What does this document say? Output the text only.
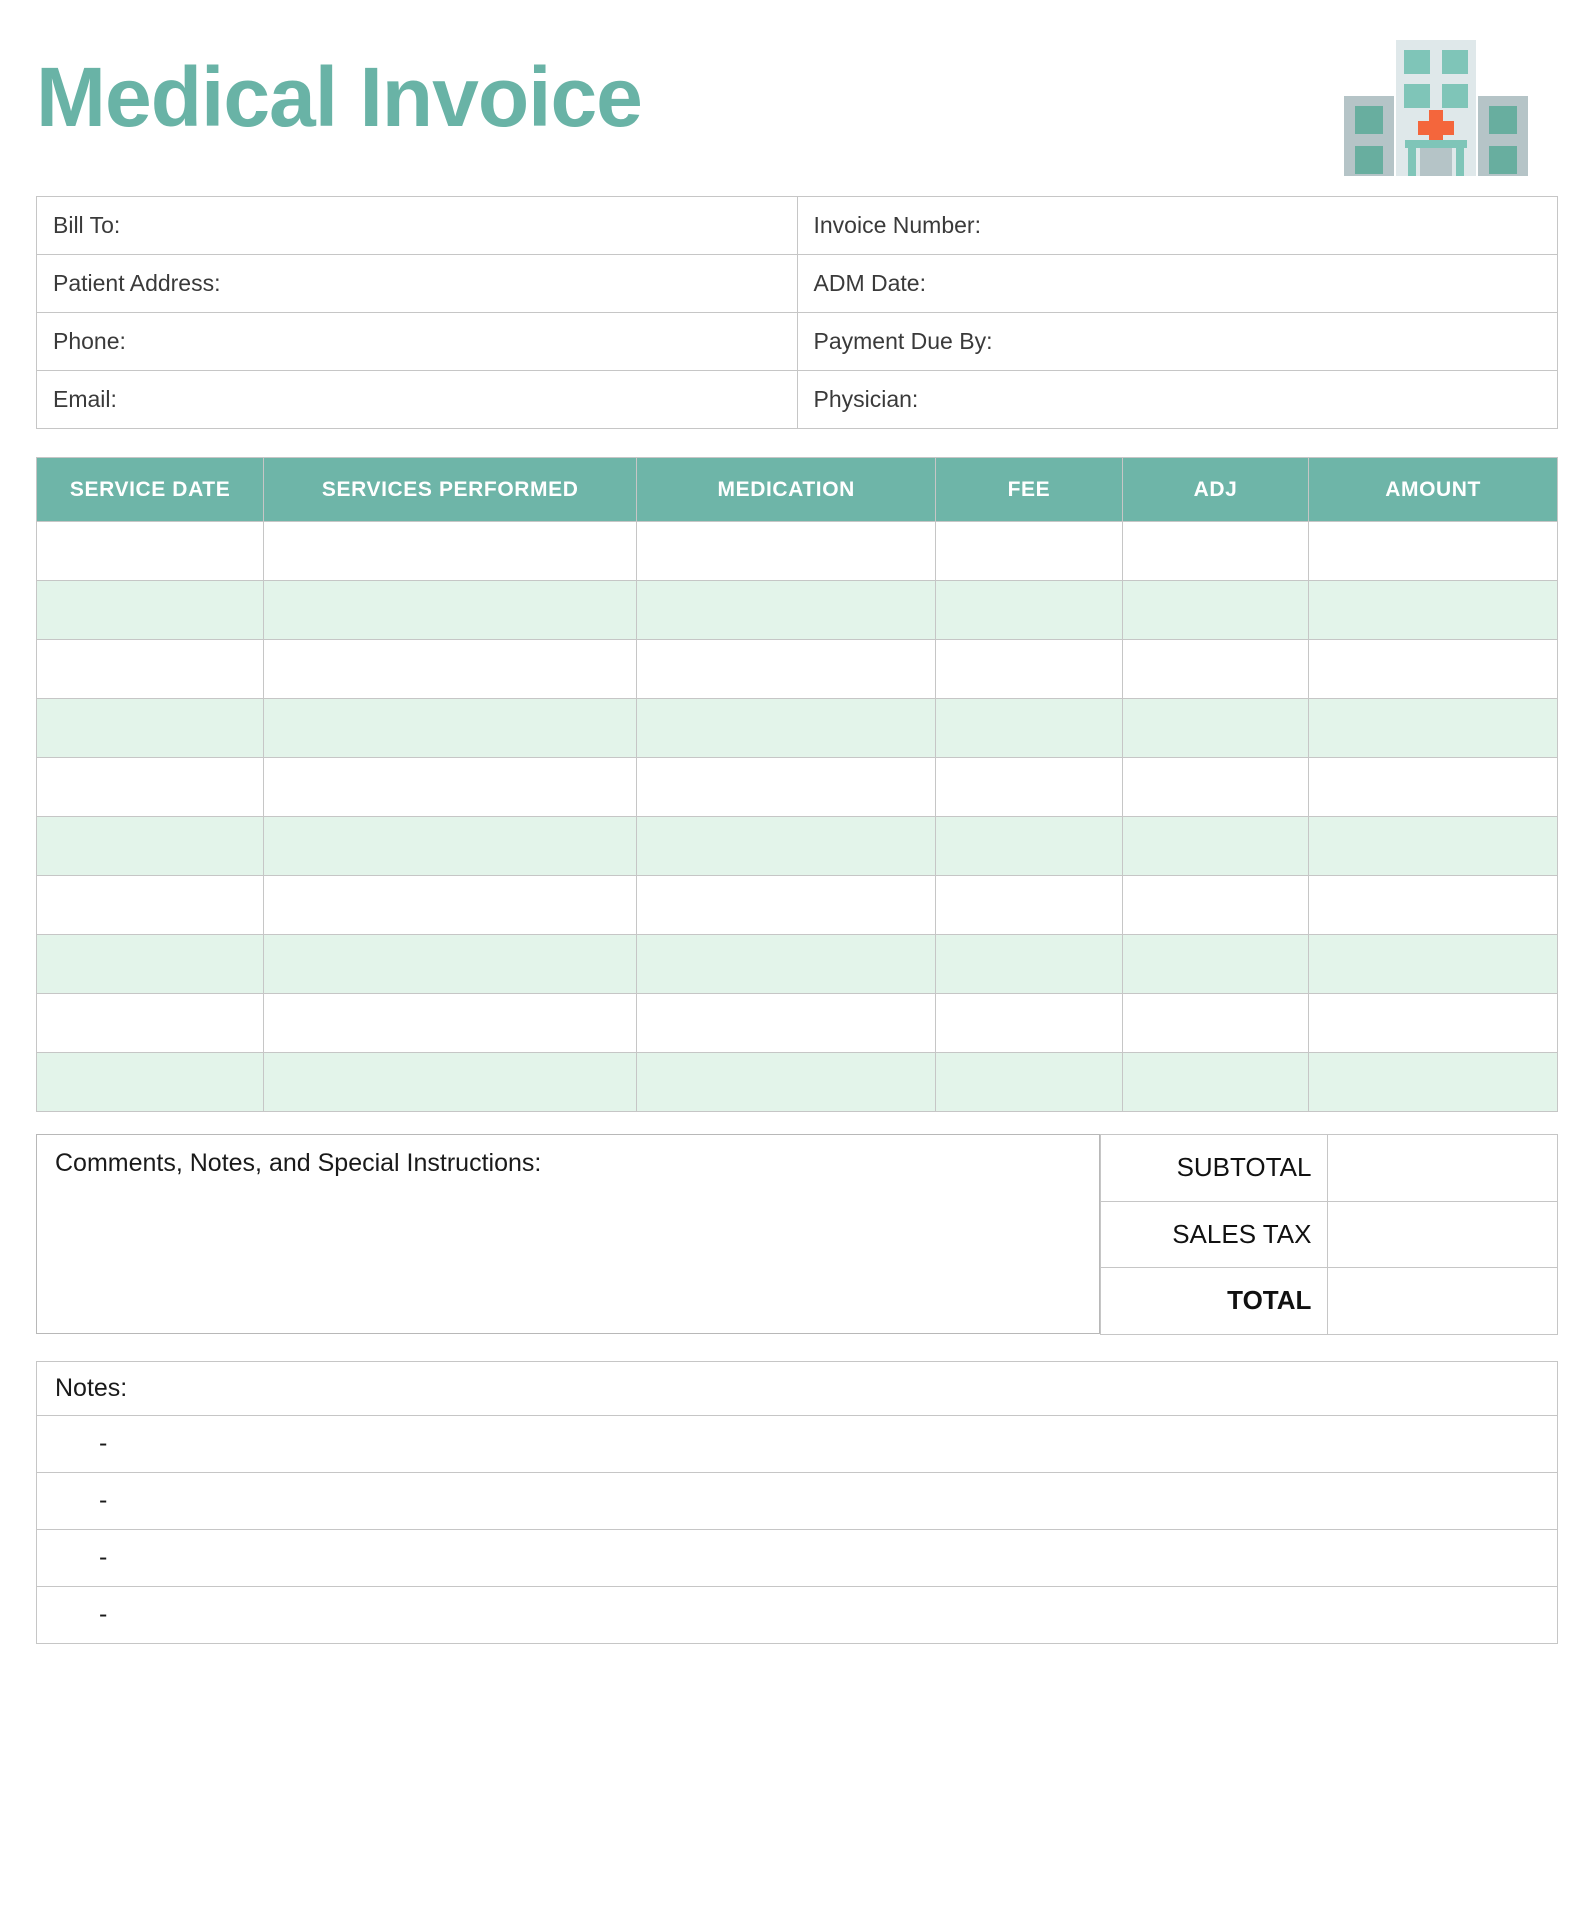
Medical Invoice
Bill To:	Invoice Number:
Patient Address:	ADM Date:
Phone:	Payment Due By:
Email:	Physician:
SERVICE DATE	SERVICES PERFORMED	MEDICATION	FEE	ADJ	AMOUNT

Comments, Notes, and Special Instructions:	SUBTOTAL	
SALES TAX	
TOTAL	
Notes:
-
-
-
-
